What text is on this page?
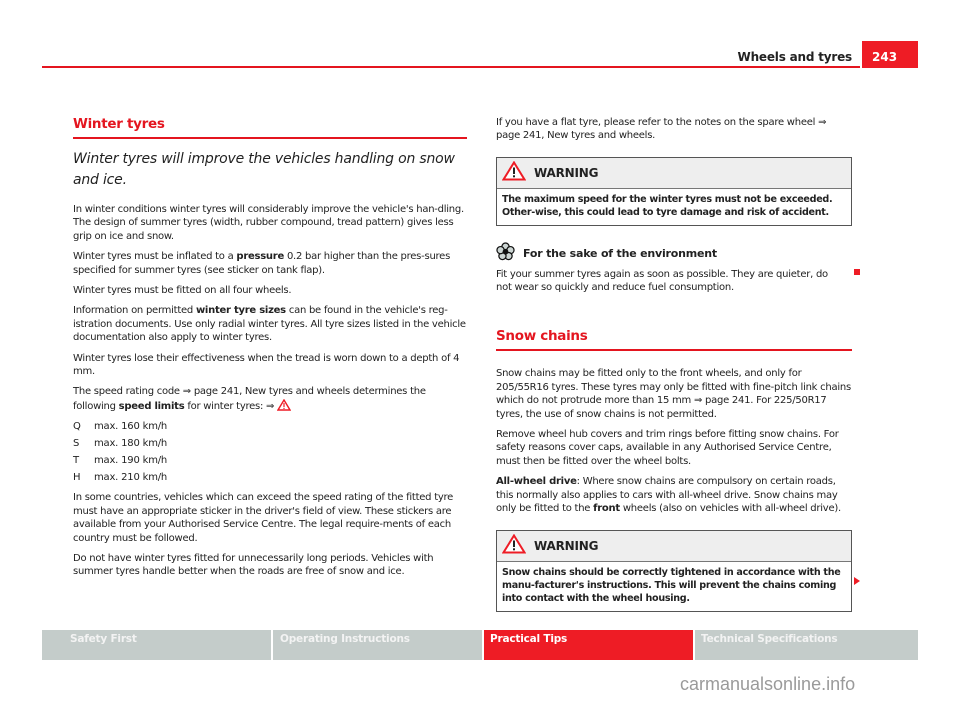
Wheels and tyres	243
Winter tyres
Winter tyres will improve the vehicles handling on snow and ice.

In winter conditions winter tyres will considerably improve the vehicle's han-dling. The design of summer tyres (width, rubber compound, tread pattern) gives less grip on ice and snow.

Winter tyres must be inflated to a pressure 0.2 bar higher than the pres-sures specified for summer tyres (see sticker on tank flap).

Winter tyres must be fitted on all four wheels.

Information on permitted winter tyre sizes can be found in the vehicle's reg-istration documents. Use only radial winter tyres. All tyre sizes listed in the vehicle documentation also apply to winter tyres.

Winter tyres lose their effectiveness when the tread is worn down to a depth of 4 mm.

The speed rating code ⇒ page 241, New tyres and wheels determines the following speed limits for winter tyres: ⇒

Q	max. 160 km/h
S	max. 180 km/h
T	max. 190 km/h
H	max. 210 km/h

In some countries, vehicles which can exceed the speed rating of the fitted tyre must have an appropriate sticker in the driver's field of view. These stickers are available from your Authorised Service Centre. The legal require-ments of each country must be followed.

Do not have winter tyres fitted for unnecessarily long periods. Vehicles with summer tyres handle better when the roads are free of snow and ice.

If you have a flat tyre, please refer to the notes on the spare wheel ⇒ page 241, New tyres and wheels.

WARNING
The maximum speed for the winter tyres must not be exceeded. Other-wise, this could lead to tyre damage and risk of accident.
For the sake of the environment

Fit your summer tyres again as soon as possible. They are quieter, do not wear so quickly and reduce fuel consumption.

Snow chains

Snow chains may be fitted only to the front wheels, and only for 205/55R16 tyres. These tyres may only be fitted with fine-pitch link chains which do not protrude more than 15 mm ⇒ page 241. For 225/50R17 tyres, the use of snow chains is not permitted.

Remove wheel hub covers and trim rings before fitting snow chains. For safety reasons cover caps, available in any Authorised Service Centre, must then be fitted over the wheel bolts.

All-wheel drive: Where snow chains are compulsory on certain roads, this normally also applies to cars with all-wheel drive. Snow chains may only be fitted to the front wheels (also on vehicles with all-wheel drive).

WARNING
Snow chains should be correctly tightened in accordance with the manu-facturer's instructions. This will prevent the chains coming into contact with the wheel housing.
Safety First	Operating Instructions	Practical Tips	Technical Specifications
carmanualsonline.info
